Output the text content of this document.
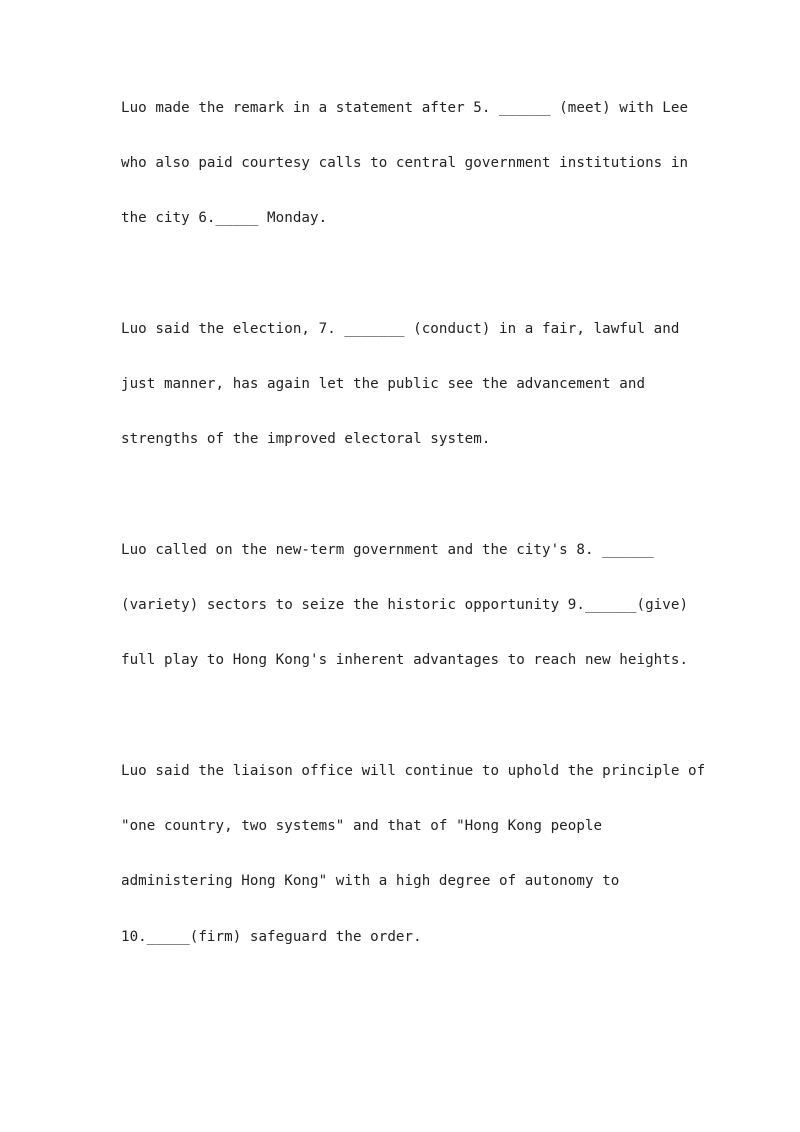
Luo made the remark in a statement after 5. ______ (meet) with Lee
who also paid courtesy calls to central government institutions in
the city 6._____ Monday.
Luo said the election, 7. _______ (conduct) in a fair, lawful and
just manner, has again let the public see the advancement and
strengths of the improved electoral system.
Luo called on the new-term government and the city's 8. ______
(variety) sectors to seize the historic opportunity 9.______(give)
full play to Hong Kong's inherent advantages to reach new heights.
Luo said the liaison office will continue to uphold the principle of
"one country, two systems" and that of "Hong Kong people
administering Hong Kong" with a high degree of autonomy to
10._____(firm) safeguard the order.
